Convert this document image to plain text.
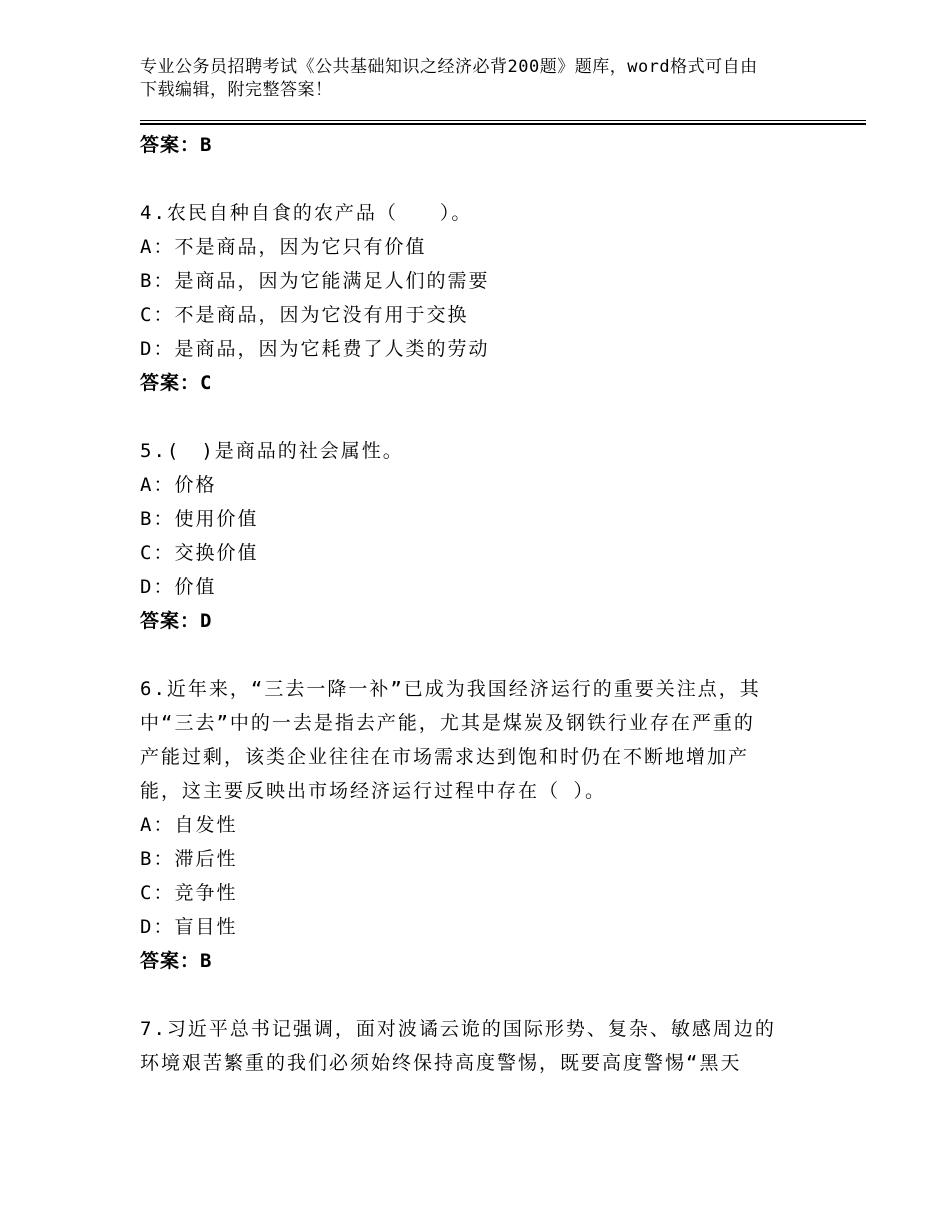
专业公务员招聘考试《公共基础知识之经济必背200题》题库，word格式可自由
下载编辑，附完整答案！
答案：B
4.农民自种自食的农产品（　　）。
A：不是商品，因为它只有价值
B：是商品，因为它能满足人们的需要
C：不是商品，因为它没有用于交换
D：是商品，因为它耗费了人类的劳动
答案：C
5.(　)是商品的社会属性。
A：价格
B：使用价值
C：交换价值
D：价值
答案：D
6.近年来，“三去一降一补”已成为我国经济运行的重要关注点，其
中“三去”中的一去是指去产能，尤其是煤炭及钢铁行业存在严重的
产能过剩，该类企业往往在市场需求达到饱和时仍在不断地增加产
能，这主要反映出市场经济运行过程中存在（ ）。
A：自发性
B：滞后性
C：竞争性
D：盲目性
答案：B
7.习近平总书记强调，面对波谲云诡的国际形势、复杂、敏感周边的
环境艰苦繁重的我们必须始终保持高度警惕，既要高度警惕“黑天
